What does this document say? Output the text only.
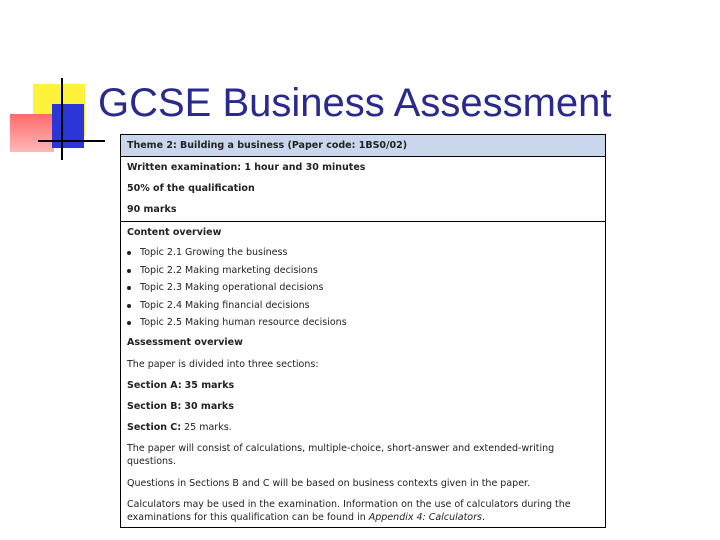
GCSE Business Assessment
Theme 2: Building a business (Paper code: 1BS0/02)
Written examination: 1 hour and 30 minutes
50% of the qualification
90 marks
Content overview
Topic 2.1 Growing the business
Topic 2.2 Making marketing decisions
Topic 2.3 Making operational decisions
Topic 2.4 Making financial decisions
Topic 2.5 Making human resource decisions
Assessment overview

The paper is divided into three sections:

Section A: 35 marks

Section B: 30 marks

Section C: 25 marks.

The paper will consist of calculations, multiple-choice, short-answer and extended-writing questions.

Questions in Sections B and C will be based on business contexts given in the paper.

Calculators may be used in the examination. Information on the use of calculators during the examinations for this qualification can be found in Appendix 4: Calculators.
